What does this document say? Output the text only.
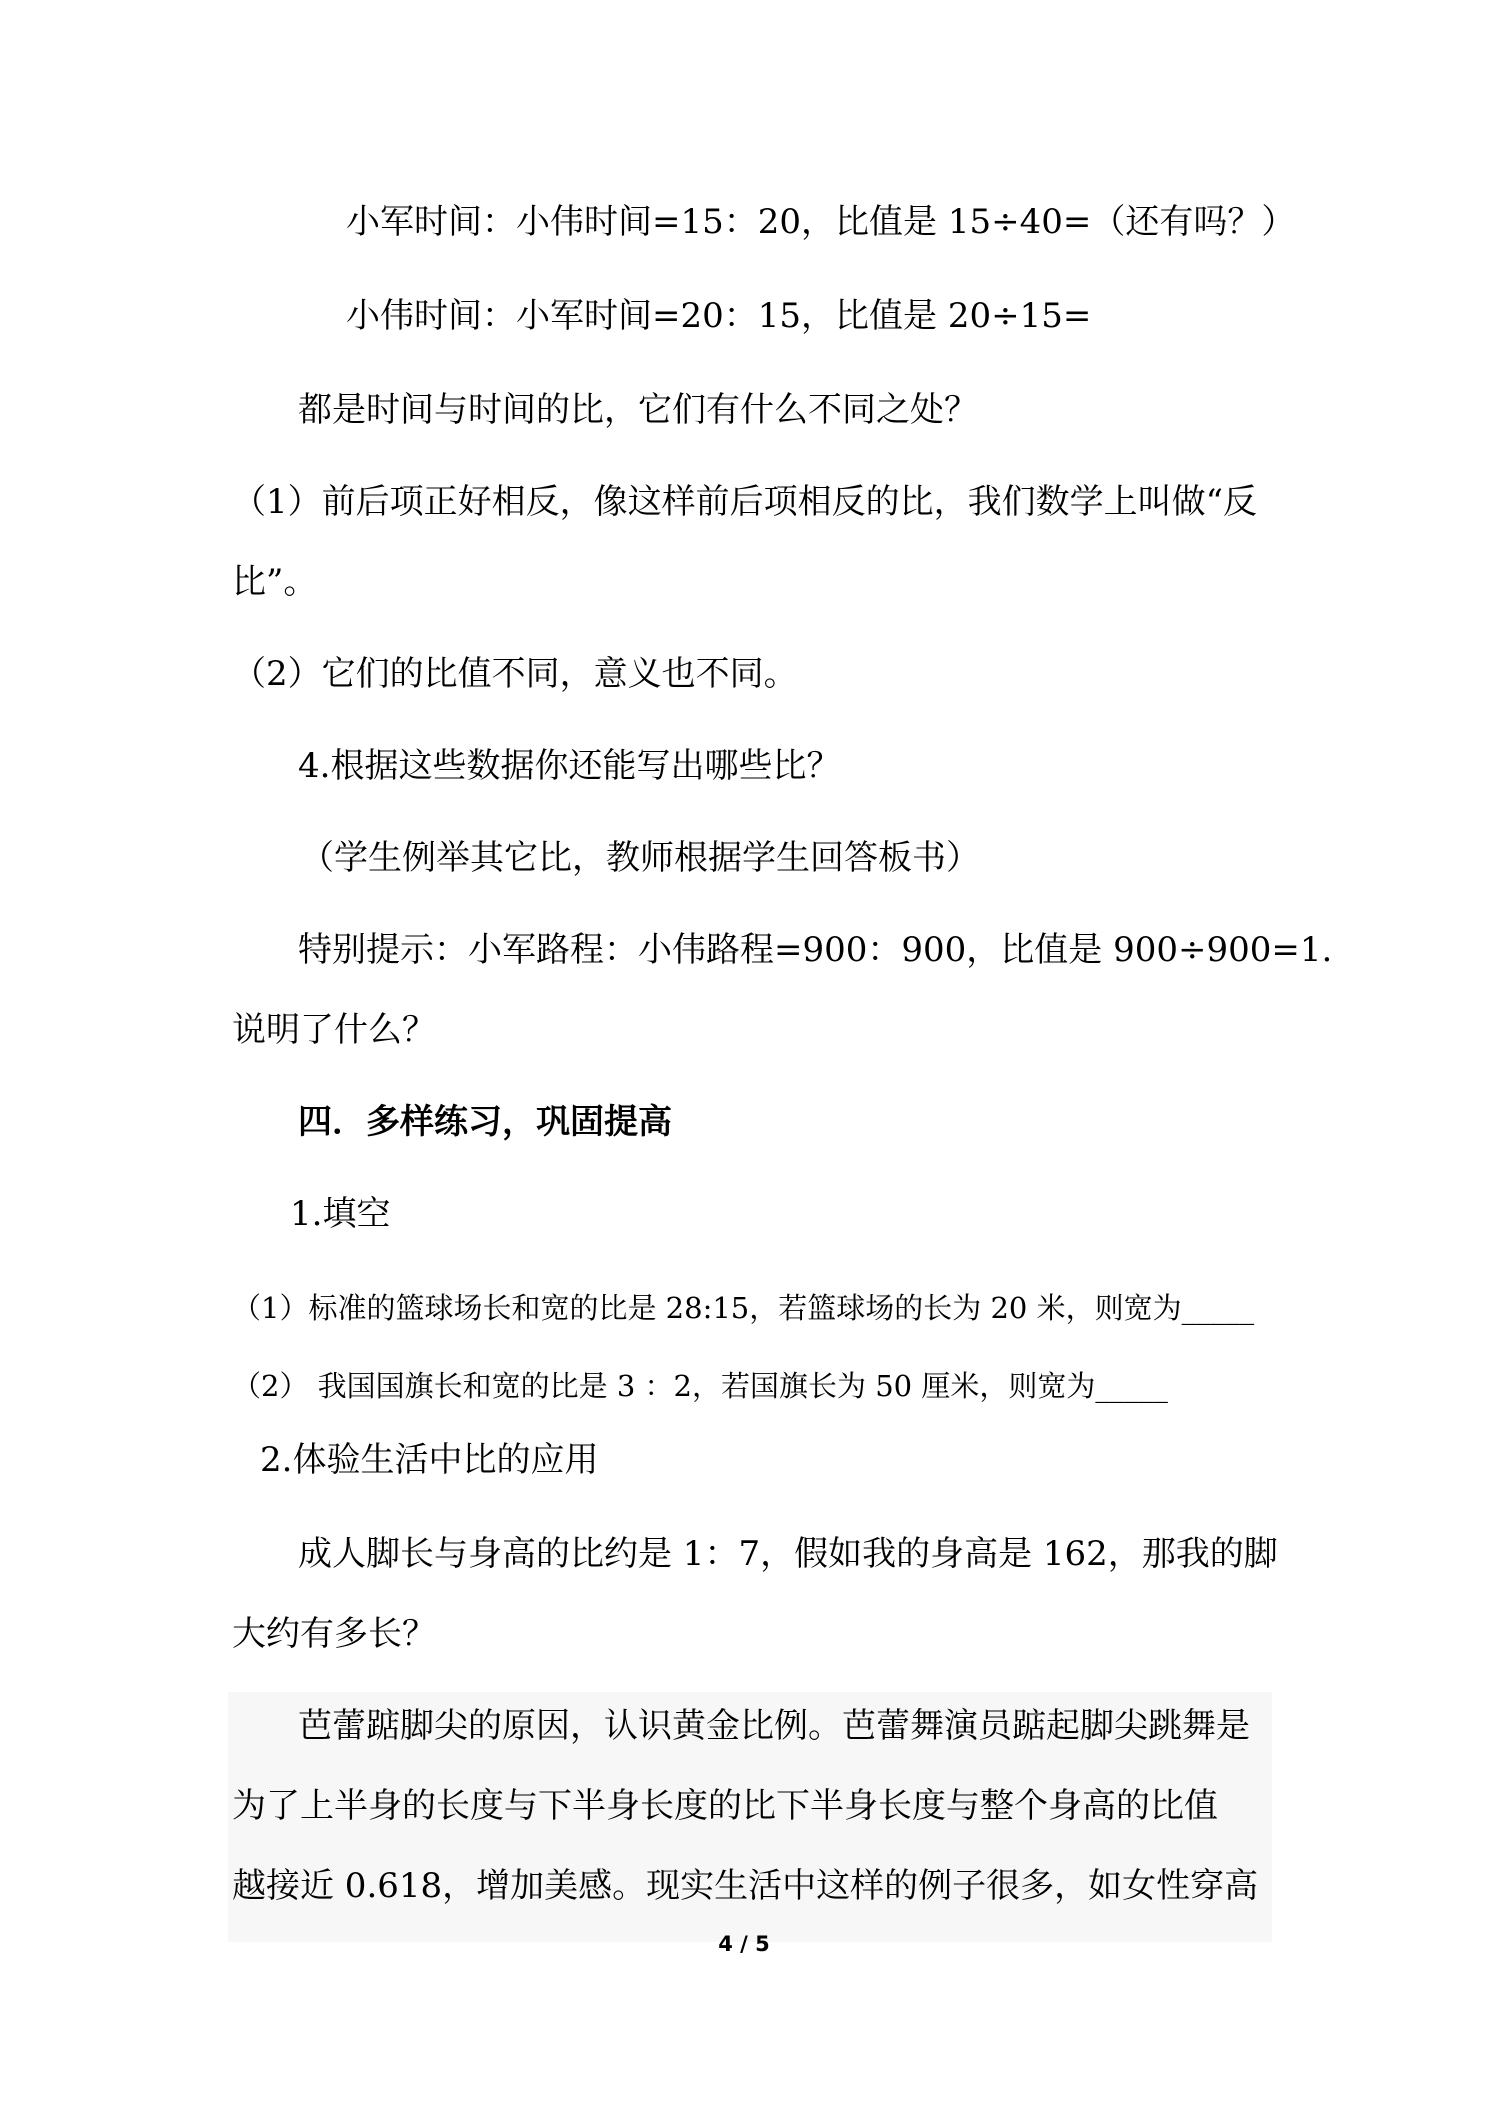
小军时间：小伟时间=15：20，比值是 15÷40=（还有吗？）
小伟时间：小军时间=20：15，比值是 20÷15=
都是时间与时间的比，它们有什么不同之处？
（1）前后项正好相反，像这样前后项相反的比，我们数学上叫做“反
比”。
（2）它们的比值不同，意义也不同。
4.根据这些数据你还能写出哪些比？
（学生例举其它比，教师根据学生回答板书）
特别提示：小军路程：小伟路程=900：900，比值是 900÷900=1.
说明了什么？
四．多样练习，巩固提高
1.填空
（1）标准的篮球场长和宽的比是 28:15，若篮球场的长为 20 米，则宽为_____
（2） 我国国旗长和宽的比是 3 ：2，若国旗长为 50 厘米，则宽为_____
2.体验生活中比的应用
成人脚长与身高的比约是 1：7，假如我的身高是 162，那我的脚
大约有多长？
芭蕾踮脚尖的原因，认识黄金比例。芭蕾舞演员踮起脚尖跳舞是
为了上半身的长度与下半身长度的比下半身长度与整个身高的比值
越接近 0.618，增加美感。现实生活中这样的例子很多，如女性穿高
4 / 5
